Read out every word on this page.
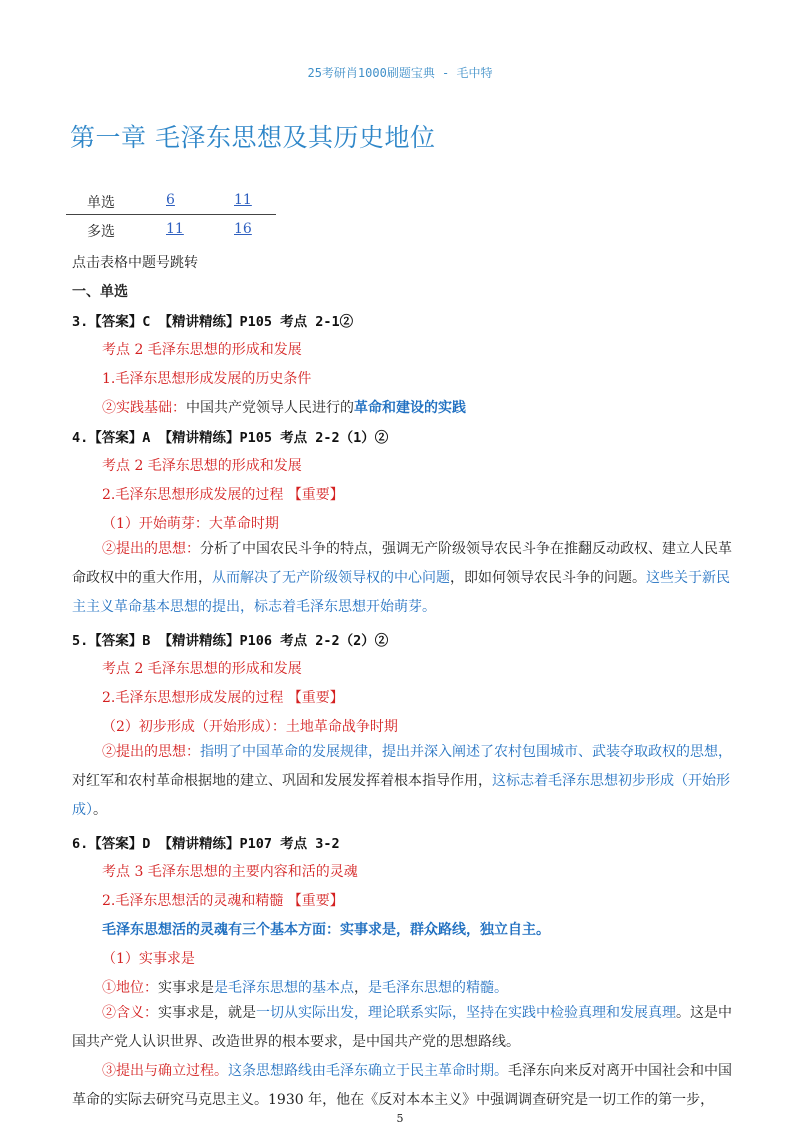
25考研肖1000刷题宝典 - 毛中特
第一章 毛泽东思想及其历史地位
单选	6	11
多选	11	16
点击表格中题号跳转
一、单选
3.【答案】C 【精讲精练】P105 考点 2-1②
考点 2 毛泽东思想的形成和发展
1.毛泽东思想形成发展的历史条件
②实践基础：中国共产党领导人民进行的革命和建设的实践
4.【答案】A 【精讲精练】P105 考点 2-2（1）②
考点 2 毛泽东思想的形成和发展
2.毛泽东思想形成发展的过程 【重要】
（1）开始萌芽：大革命时期
②提出的思想：分析了中国农民斗争的特点，强调无产阶级领导农民斗争在推翻反动政权、建立人民革命政权中的重大作用，从而解决了无产阶级领导权的中心问题，即如何领导农民斗争的问题。这些关于新民主主义革命基本思想的提出，标志着毛泽东思想开始萌芽。
5.【答案】B 【精讲精练】P106 考点 2-2（2）②
考点 2 毛泽东思想的形成和发展
2.毛泽东思想形成发展的过程 【重要】
（2）初步形成（开始形成）：土地革命战争时期
②提出的思想：指明了中国革命的发展规律，提出并深入阐述了农村包围城市、武装夺取政权的思想，对红军和农村革命根据地的建立、巩固和发展发挥着根本指导作用，这标志着毛泽东思想初步形成（开始形成）。
6.【答案】D 【精讲精练】P107 考点 3-2
考点 3 毛泽东思想的主要内容和活的灵魂
2.毛泽东思想活的灵魂和精髓 【重要】
毛泽东思想活的灵魂有三个基本方面：实事求是，群众路线，独立自主。
（1）实事求是
①地位：实事求是是毛泽东思想的基本点，是毛泽东思想的精髓。
②含义：实事求是，就是一切从实际出发，理论联系实际，坚持在实践中检验真理和发展真理。这是中国共产党人认识世界、改造世界的根本要求，是中国共产党的思想路线。
③提出与确立过程。这条思想路线由毛泽东确立于民主革命时期。毛泽东向来反对离开中国社会和中国革命的实际去研究马克思主义。1930 年，他在《反对本本主义》中强调调查研究是一切工作的第一步，
5
